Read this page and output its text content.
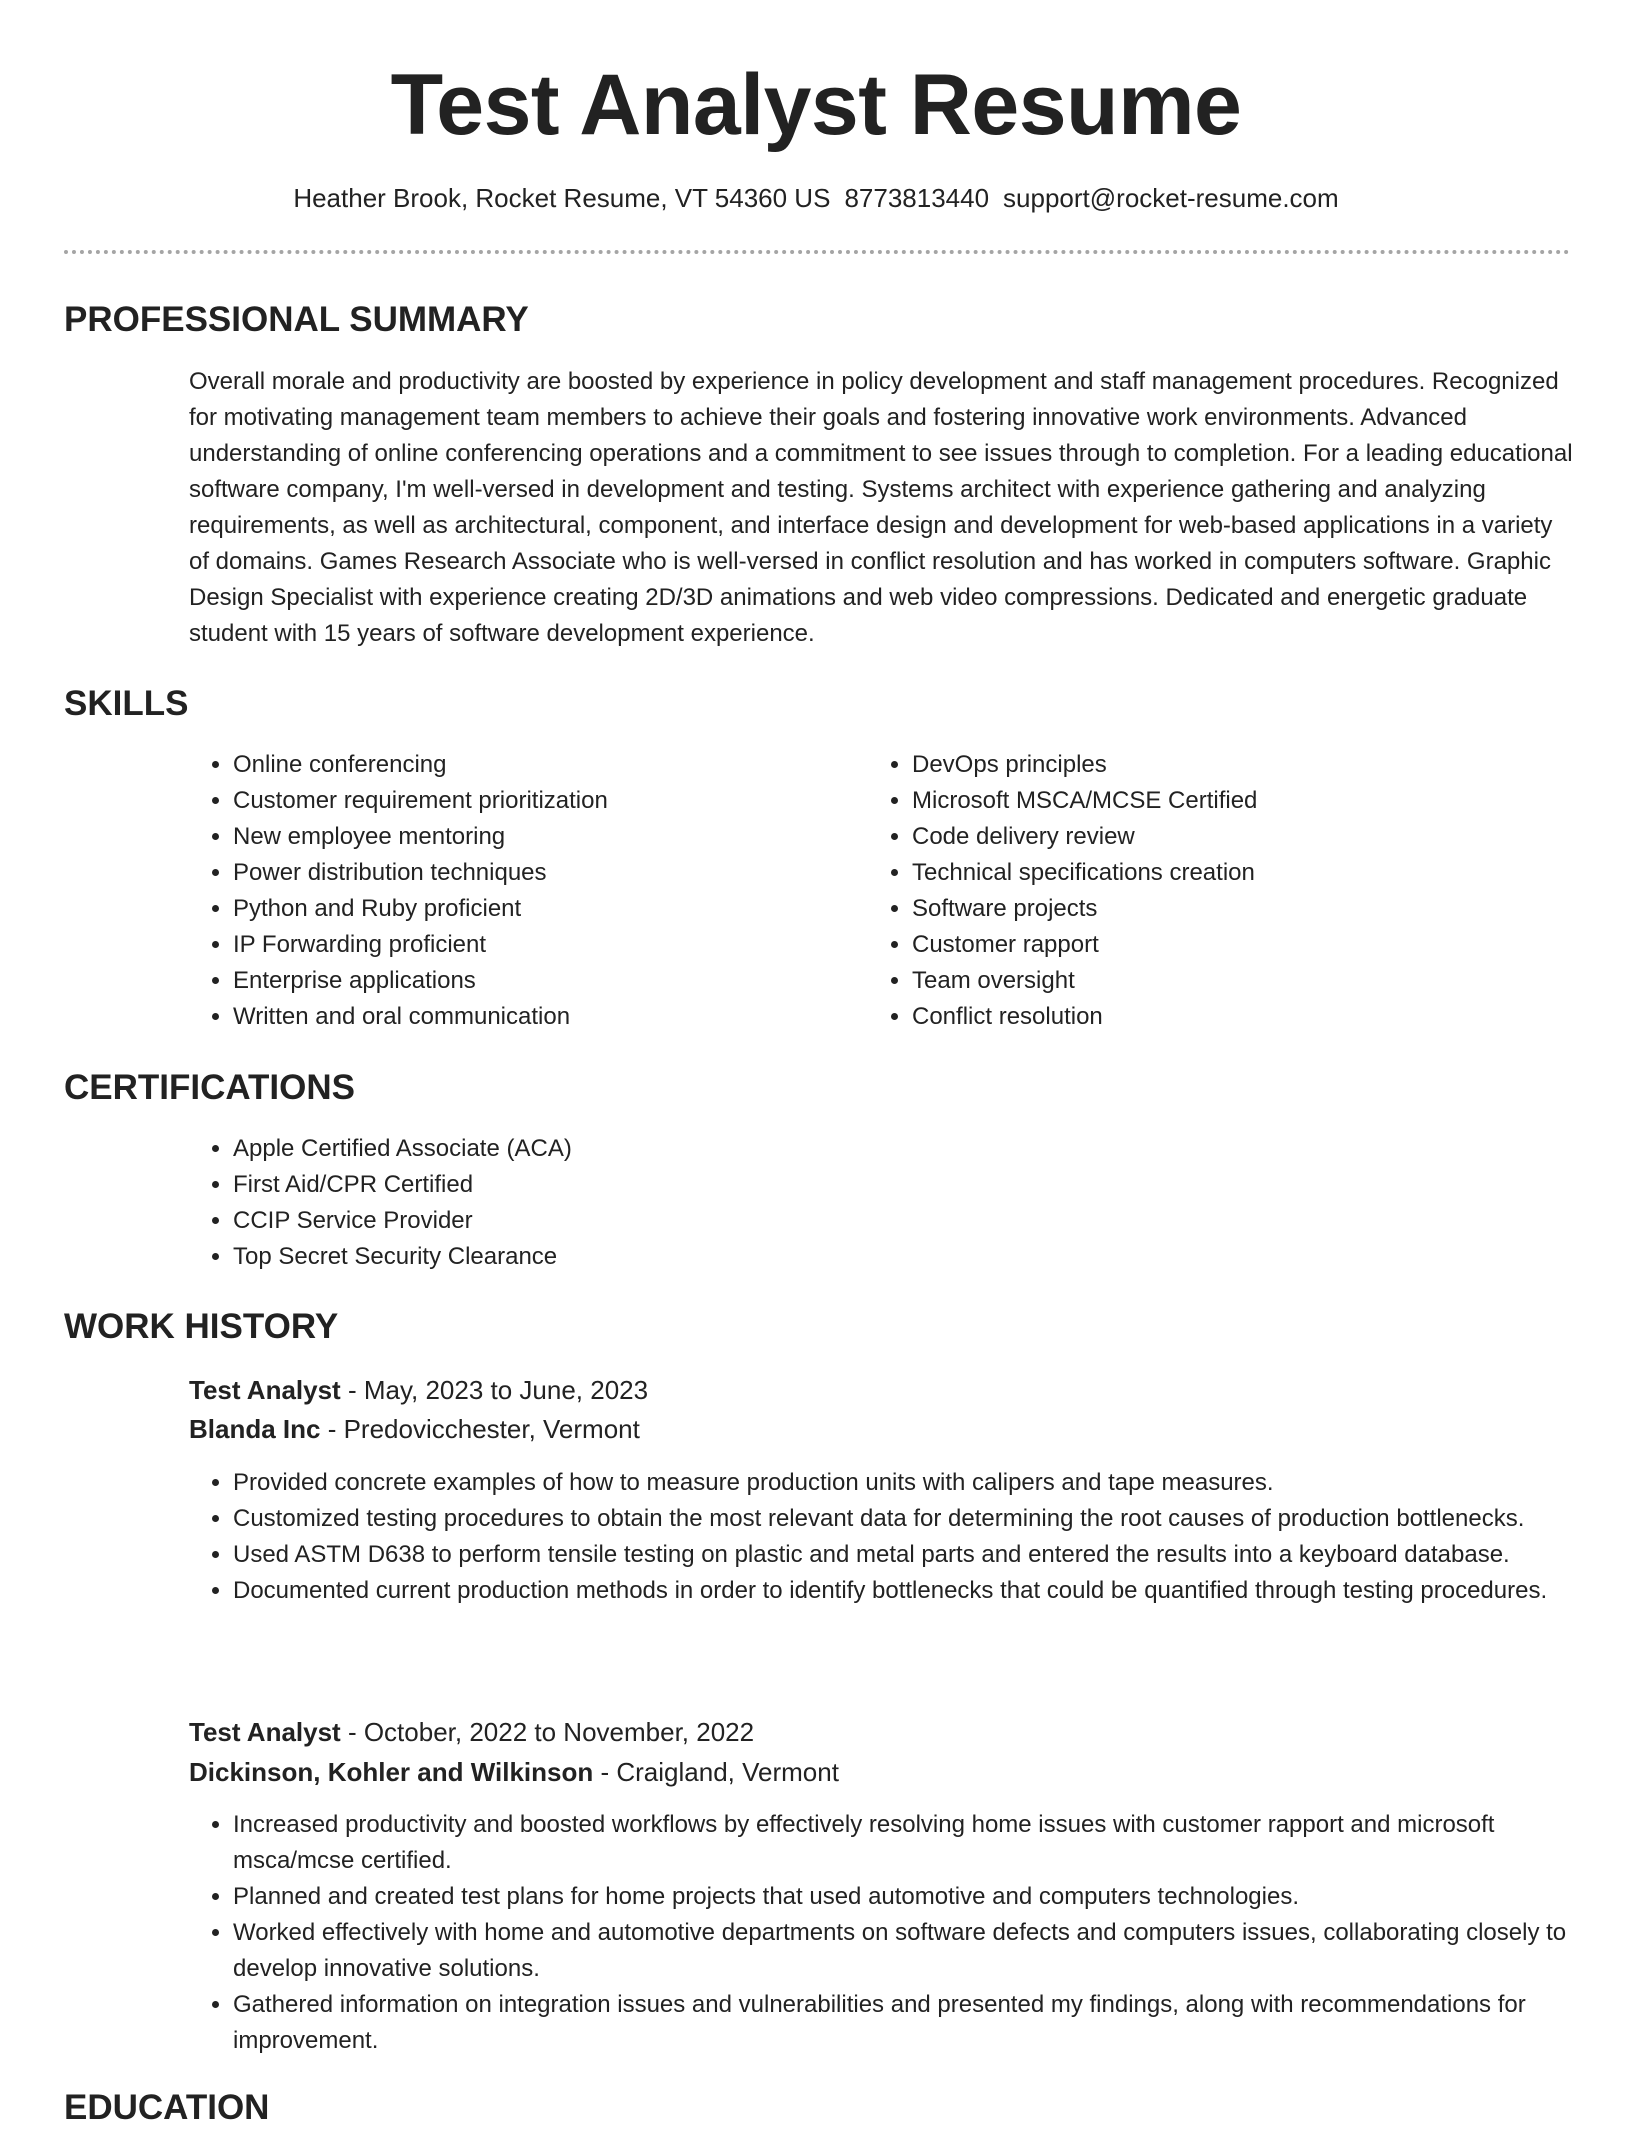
Test Analyst Resume
Heather Brook, Rocket Resume, VT 54360 US 8773813440 support@rocket-resume.com
PROFESSIONAL SUMMARY
Overall morale and productivity are boosted by experience in policy development and staff management procedures. Recognized for motivating management team members to achieve their goals and fostering innovative work environments. Advanced understanding of online conferencing operations and a commitment to see issues through to completion. For a leading educational software company, I'm well-versed in development and testing. Systems architect with experience gathering and analyzing requirements, as well as architectural, component, and interface design and development for web-based applications in a variety of domains. Games Research Associate who is well-versed in conflict resolution and has worked in computers software. Graphic Design Specialist with experience creating 2D/3D animations and web video compressions. Dedicated and energetic graduate student with 15 years of software development experience.
SKILLS
• Online conferencing
• Customer requirement prioritization
• New employee mentoring
• Power distribution techniques
• Python and Ruby proficient
• IP Forwarding proficient
• Enterprise applications
• Written and oral communication
• DevOps principles
• Microsoft MSCA/MCSE Certified
• Code delivery review
• Technical specifications creation
• Software projects
• Customer rapport
• Team oversight
• Conflict resolution
CERTIFICATIONS
• Apple Certified Associate (ACA)
• First Aid/CPR Certified
• CCIP Service Provider
• Top Secret Security Clearance
WORK HISTORY
Test Analyst - May, 2023 to June, 2023
Blanda Inc - Predovicchester, Vermont
• Provided concrete examples of how to measure production units with calipers and tape measures.
• Customized testing procedures to obtain the most relevant data for determining the root causes of production bottlenecks.
• Used ASTM D638 to perform tensile testing on plastic and metal parts and entered the results into a keyboard database.
• Documented current production methods in order to identify bottlenecks that could be quantified through testing procedures.
Test Analyst - October, 2022 to November, 2022
Dickinson, Kohler and Wilkinson - Craigland, Vermont
• Increased productivity and boosted workflows by effectively resolving home issues with customer rapport and microsoft msca/mcse certified.
• Planned and created test plans for home projects that used automotive and computers technologies.
• Worked effectively with home and automotive departments on software defects and computers issues, collaborating closely to develop innovative solutions.
• Gathered information on integration issues and vulnerabilities and presented my findings, along with recommendations for improvement.
EDUCATION
